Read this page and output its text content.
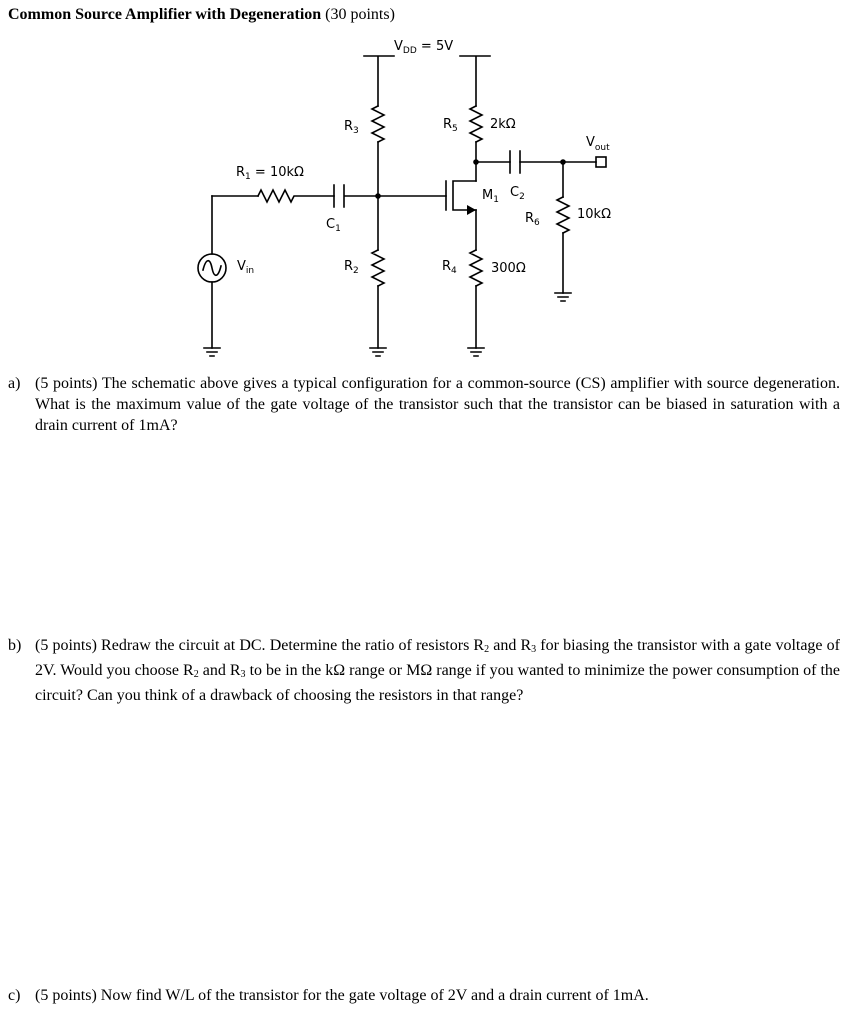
Common Source Amplifier with Degeneration (30 points)
$V_{DD} = 5V$
$R_1 = 10k\Omega$
$C_1$
$R_3$	$R_5$ 2kΩ
$V_{out}$
$M_1$ $C_2$
$R_6$
10kΩ
$V_{in}$	$R_2$	$R_4$	300Ω
a) (5 points) The schematic above gives a typical configuration for a common-source (CS) amplifier with source degeneration. What is the maximum value of the gate voltage of the transistor such that the transistor can be biased in saturation with a drain current of 1mA?
b) (5 points) Redraw the circuit at DC. Determine the ratio of resistors $R_2$ and $R_3$ for biasing the transistor with a gate voltage of 2V. Would you choose $R_2$ and $R_3$ to be in the kΩ range or MΩ range if you wanted to minimize the power consumption of the circuit? Can you think of a drawback of choosing the resistors in that range?
c) (5 points) Now find W/L of the transistor for the gate voltage of 2V and a drain current of 1mA.
